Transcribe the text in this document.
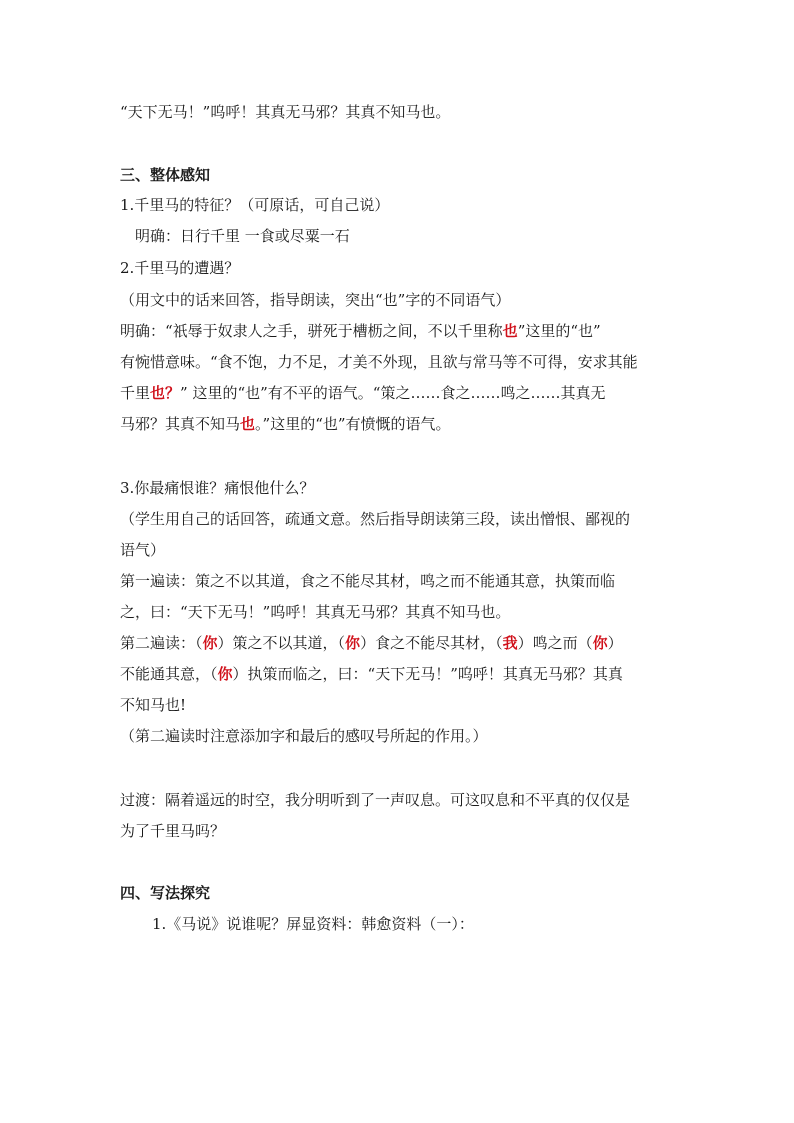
“天下无马！”呜呼！其真无马邪？其真不知马也。
三、整体感知
1.千里马的特征？（可原话，可自己说）
明确：日行千里 一食或尽粟一石
2.千里马的遭遇？
（用文中的话来回答，指导朗读，突出“也”字的不同语气）
明确：“祇辱于奴隶人之手，骈死于槽枥之间，不以千里称也”这里的“也”
有惋惜意味。“食不饱，力不足，才美不外现，且欲与常马等不可得，安求其能
千里也？” 这里的“也”有不平的语气。“策之……食之……鸣之……其真无
马邪？其真不知马也。”这里的“也”有愤慨的语气。
3.你最痛恨谁？痛恨他什么？
（学生用自己的话回答，疏通文意。然后指导朗读第三段，读出憎恨、鄙视的
语气）
第一遍读：策之不以其道，食之不能尽其材，鸣之而不能通其意，执策而临
之，曰：“天下无马！”呜呼！其真无马邪？其真不知马也。
第二遍读：（你）策之不以其道，（你）食之不能尽其材，（我）鸣之而（你）
不能通其意，（你）执策而临之，曰：“天下无马！”呜呼！其真无马邪？其真
不知马也!
（第二遍读时注意添加字和最后的感叹号所起的作用。）
过渡：隔着遥远的时空，我分明听到了一声叹息。可这叹息和不平真的仅仅是
为了千里马吗？
四、写法探究
1.《马说》说谁呢？屏显资料：韩愈资料（一）：
